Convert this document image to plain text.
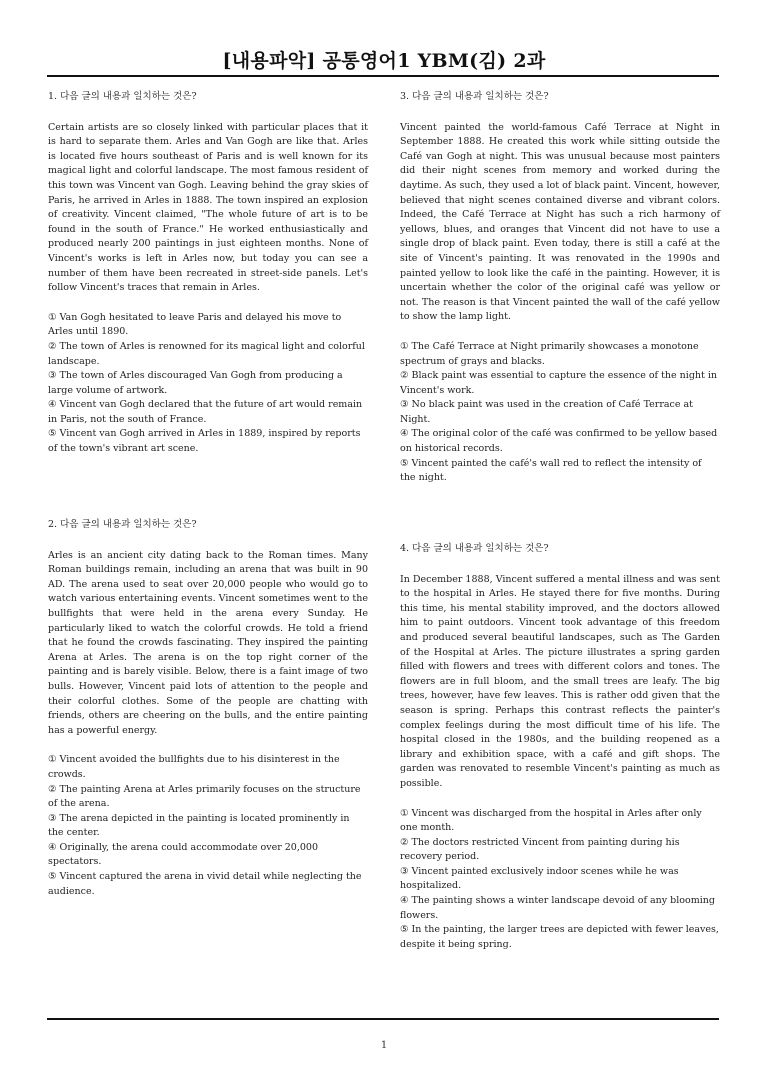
[내용파악] 공통영어1 YBM(김) 2과
1. 다음 글의 내용과 일치하는 것은?
Certain artists are so closely linked with particular places that it is hard to separate them. Arles and Van Gogh are like that. Arles is located five hours southeast of Paris and is well known for its magical light and colorful landscape. The most famous resident of this town was Vincent van Gogh. Leaving behind the gray skies of Paris, he arrived in Arles in 1888. The town inspired an explosion of creativity. Vincent claimed, "The whole future of art is to be found in the south of France." He worked enthusiastically and produced nearly 200 paintings in just eighteen months. None of Vincent's works is left in Arles now, but today you can see a number of them have been recreated in street-side panels. Let's follow Vincent's traces that remain in Arles.
① Van Gogh hesitated to leave Paris and delayed his move to Arles until 1890.
② The town of Arles is renowned for its magical light and colorful landscape.
③ The town of Arles discouraged Van Gogh from producing a large volume of artwork.
④ Vincent van Gogh declared that the future of art would remain in Paris, not the south of France.
⑤ Vincent van Gogh arrived in Arles in 1889, inspired by reports of the town's vibrant art scene.
2. 다음 글의 내용과 일치하는 것은?
Arles is an ancient city dating back to the Roman times. Many Roman buildings remain, including an arena that was built in 90 AD. The arena used to seat over 20,000 people who would go to watch various entertaining events. Vincent sometimes went to the bullfights that were held in the arena every Sunday. He particularly liked to watch the colorful crowds. He told a friend that he found the crowds fascinating. They inspired the painting Arena at Arles. The arena is on the top right corner of the painting and is barely visible. Below, there is a faint image of two bulls. However, Vincent paid lots of attention to the people and their colorful clothes. Some of the people are chatting with friends, others are cheering on the bulls, and the entire painting has a powerful energy.
① Vincent avoided the bullfights due to his disinterest in the crowds.
② The painting Arena at Arles primarily focuses on the structure of the arena.
③ The arena depicted in the painting is located prominently in the center.
④ Originally, the arena could accommodate over 20,000 spectators.
⑤ Vincent captured the arena in vivid detail while neglecting the audience.
3. 다음 글의 내용과 일치하는 것은?
Vincent painted the world-famous Café Terrace at Night in September 1888. He created this work while sitting outside the Café van Gogh at night. This was unusual because most painters did their night scenes from memory and worked during the daytime. As such, they used a lot of black paint. Vincent, however, believed that night scenes contained diverse and vibrant colors. Indeed, the Café Terrace at Night has such a rich harmony of yellows, blues, and oranges that Vincent did not have to use a single drop of black paint. Even today, there is still a café at the site of Vincent's painting. It was renovated in the 1990s and painted yellow to look like the café in the painting. However, it is uncertain whether the color of the original café was yellow or not. The reason is that Vincent painted the wall of the café yellow to show the lamp light.
① The Café Terrace at Night primarily showcases a monotone spectrum of grays and blacks.
② Black paint was essential to capture the essence of the night in Vincent's work.
③ No black paint was used in the creation of Café Terrace at Night.
④ The original color of the café was confirmed to be yellow based on historical records.
⑤ Vincent painted the café's wall red to reflect the intensity of the night.
4. 다음 글의 내용과 일치하는 것은?
In December 1888, Vincent suffered a mental illness and was sent to the hospital in Arles. He stayed there for five months. During this time, his mental stability improved, and the doctors allowed him to paint outdoors. Vincent took advantage of this freedom and produced several beautiful landscapes, such as The Garden of the Hospital at Arles. The picture illustrates a spring garden filled with flowers and trees with different colors and tones. The flowers are in full bloom, and the small trees are leafy. The big trees, however, have few leaves. This is rather odd given that the season is spring. Perhaps this contrast reflects the painter's complex feelings during the most difficult time of his life. The hospital closed in the 1980s, and the building reopened as a library and exhibition space, with a café and gift shops. The garden was renovated to resemble Vincent's painting as much as possible.
① Vincent was discharged from the hospital in Arles after only one month.
② The doctors restricted Vincent from painting during his recovery period.
③ Vincent painted exclusively indoor scenes while he was hospitalized.
④ The painting shows a winter landscape devoid of any blooming flowers.
⑤ In the painting, the larger trees are depicted with fewer leaves, despite it being spring.
1
